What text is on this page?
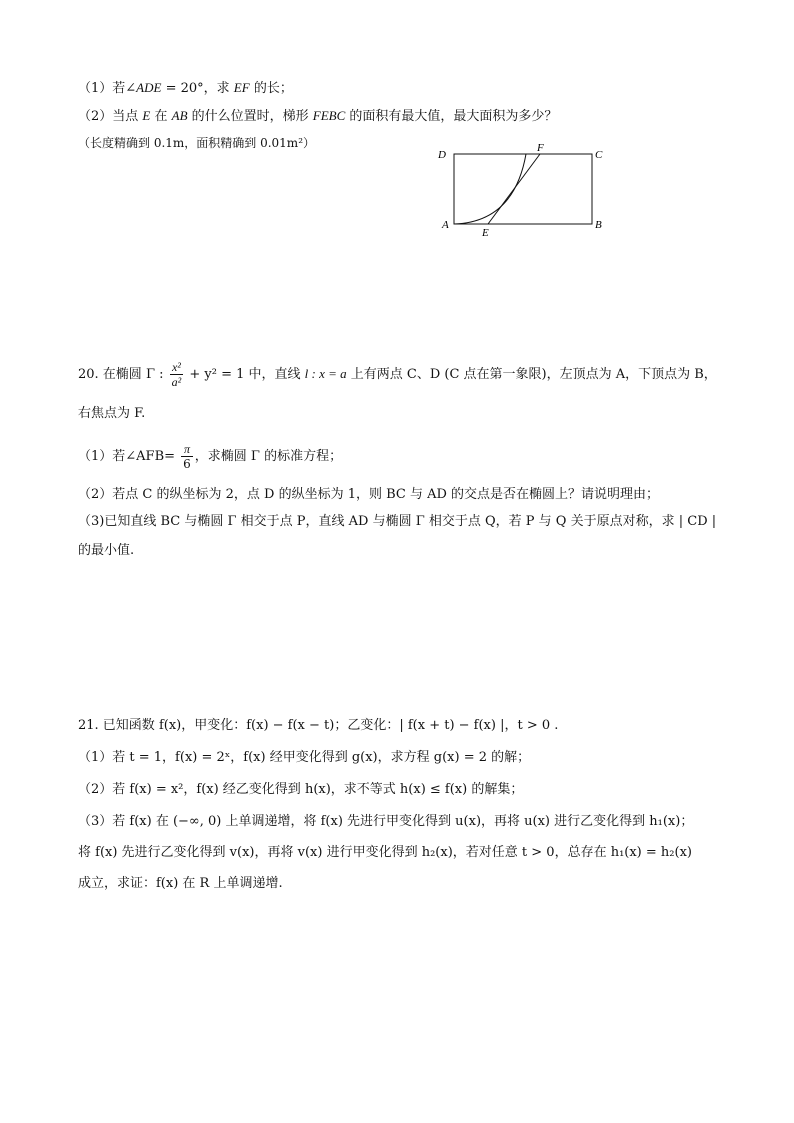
（1）若∠ADE = 20°，求 EF 的长；
（2）当点 E 在 AB 的什么位置时，梯形 FEBC 的面积有最大值，最大面积为多少？
（长度精确到 0.1m，面积精确到 0.01m²）
D
F
C
A
E
B
20. 在椭圆 Γ : $\frac{\text{x²}}{\text{a²}} + y^2 = 1$ 中，直线 l : x = a 上有两点 C、D (C 点在第一象限)，左顶点为 A，下顶点为 B，
右焦点为 F.
（1）若∠AFB= $\frac{\pi}{6}$ ，求椭圆 Γ 的标准方程；
（2）若点 C 的纵坐标为 2，点 D 的纵坐标为 1，则 BC 与 AD 的交点是否在椭圆上？请说明理由；
（3)已知直线 BC 与椭圆 Γ 相交于点 P，直线 AD 与椭圆 Γ 相交于点 Q，若 P 与 Q 关于原点对称，求 | CD |
的最小值.
21. 已知函数 f(x)，甲变化：f(x) − f(x − t)；乙变化：| f(x + t) − f(x) |，t > 0 .
（1）若 t = 1，f(x) = 2ˣ，f(x) 经甲变化得到 g(x)，求方程 g(x) = 2 的解；
（2）若 f(x) = x²，f(x) 经乙变化得到 h(x)，求不等式 h(x) ≤ f(x) 的解集；
（3）若 f(x) 在 (−∞, 0) 上单调递增，将 f(x) 先进行甲变化得到 u(x)，再将 u(x) 进行乙变化得到 h₁(x)；
将 f(x) 先进行乙变化得到 v(x)，再将 v(x) 进行甲变化得到 h₂(x)，若对任意 t > 0，总存在 h₁(x) = h₂(x)
成立，求证：f(x) 在 R 上单调递增.
